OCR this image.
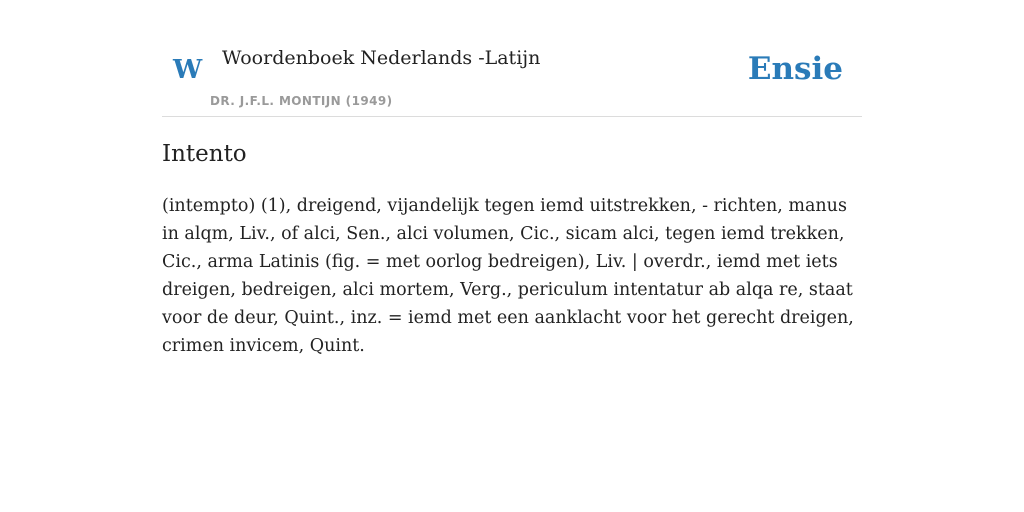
W Woordenboek Nederlands -Latijn
DR. J.F.L. MONTIJN (1949)
Ensie
Intento

(intempto) (1), dreigend, vijandelijk tegen iemd uitstrekken, - richten, manus in alqm, Liv., of alci, Sen., alci volumen, Cic., sicam alci, tegen iemd trekken, Cic., arma Latinis (fig. = met oorlog bedreigen), Liv. | overdr., iemd met iets dreigen, bedreigen, alci mortem, Verg., periculum intentatur ab alqa re, staat voor de deur, Quint., inz. = iemd met een aanklacht voor het gerecht dreigen, crimen invicem, Quint.
